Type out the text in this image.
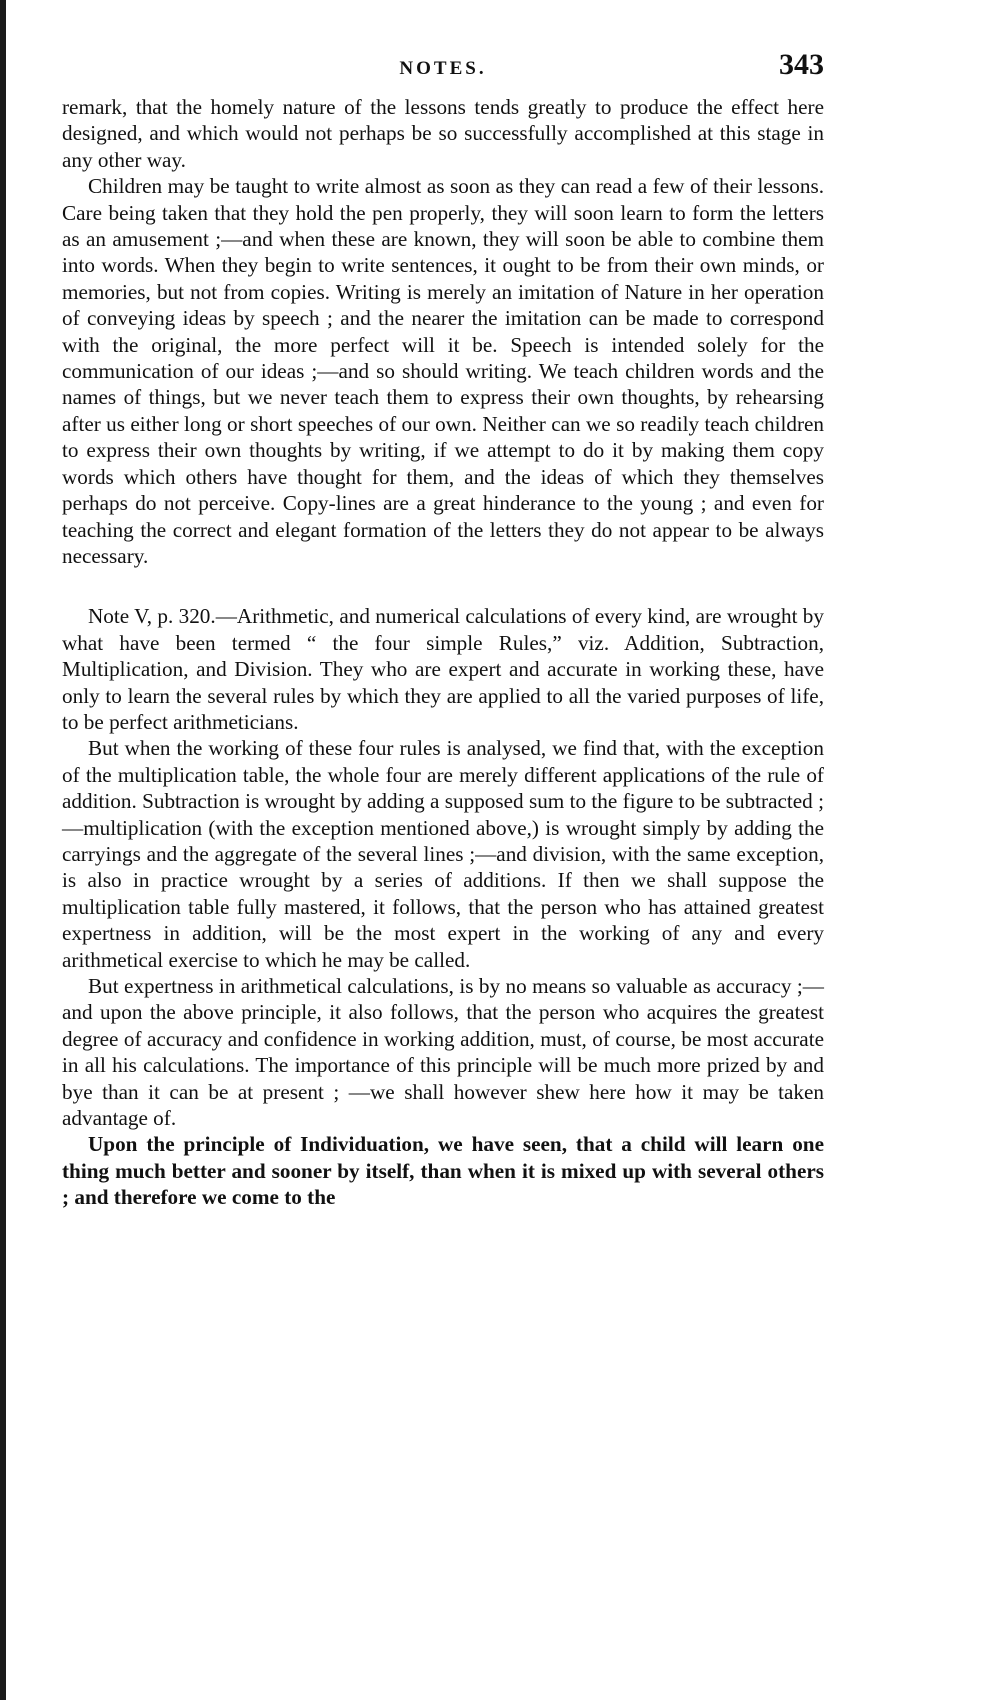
NOTES.	343

remark, that the homely nature of the lessons tends greatly to produce the effect here designed, and which would not perhaps be so successfully accomplished at this stage in any other way.

Children may be taught to write almost as soon as they can read a few of their lessons. Care being taken that they hold the pen properly, they will soon learn to form the letters as an amusement ;—and when these are known, they will soon be able to combine them into words. When they begin to write sentences, it ought to be from their own minds, or memories, but not from copies. Writing is merely an imitation of Nature in her operation of conveying ideas by speech ; and the nearer the imitation can be made to correspond with the original, the more perfect will it be. Speech is intended solely for the communication of our ideas ;—and so should writing. We teach children words and the names of things, but we never teach them to express their own thoughts, by rehearsing after us either long or short speeches of our own. Neither can we so readily teach children to express their own thoughts by writing, if we attempt to do it by making them copy words which others have thought for them, and the ideas of which they themselves perhaps do not perceive. Copy-lines are a great hinderance to the young ; and even for teaching the correct and elegant formation of the letters they do not appear to be always necessary.

Note V, p. 320.—Arithmetic, and numerical calculations of every kind, are wrought by what have been termed “ the four simple Rules,” viz. Addition, Subtraction, Multiplication, and Division. They who are expert and accurate in working these, have only to learn the several rules by which they are applied to all the varied purposes of life, to be perfect arithmeticians.

But when the working of these four rules is analysed, we find that, with the exception of the multiplication table, the whole four are merely different applications of the rule of addition. Subtraction is wrought by adding a supposed sum to the figure to be subtracted ;—multiplication (with the exception mentioned above,) is wrought simply by adding the carryings and the aggregate of the several lines ;—and division, with the same exception, is also in practice wrought by a series of additions. If then we shall suppose the multiplication table fully mastered, it follows, that the person who has attained greatest expertness in addition, will be the most expert in the working of any and every arithmetical exercise to which he may be called.

But expertness in arithmetical calculations, is by no means so valuable as accuracy ;—and upon the above principle, it also follows, that the person who acquires the greatest degree of accuracy and confidence in working addition, must, of course, be most accurate in all his calculations. The importance of this principle will be much more prized by and bye than it can be at present ; —we shall however shew here how it may be taken advantage of.

Upon the principle of Individuation, we have seen, that a child will learn one thing much better and sooner by itself, than when it is mixed up with several others ; and therefore we come to the
